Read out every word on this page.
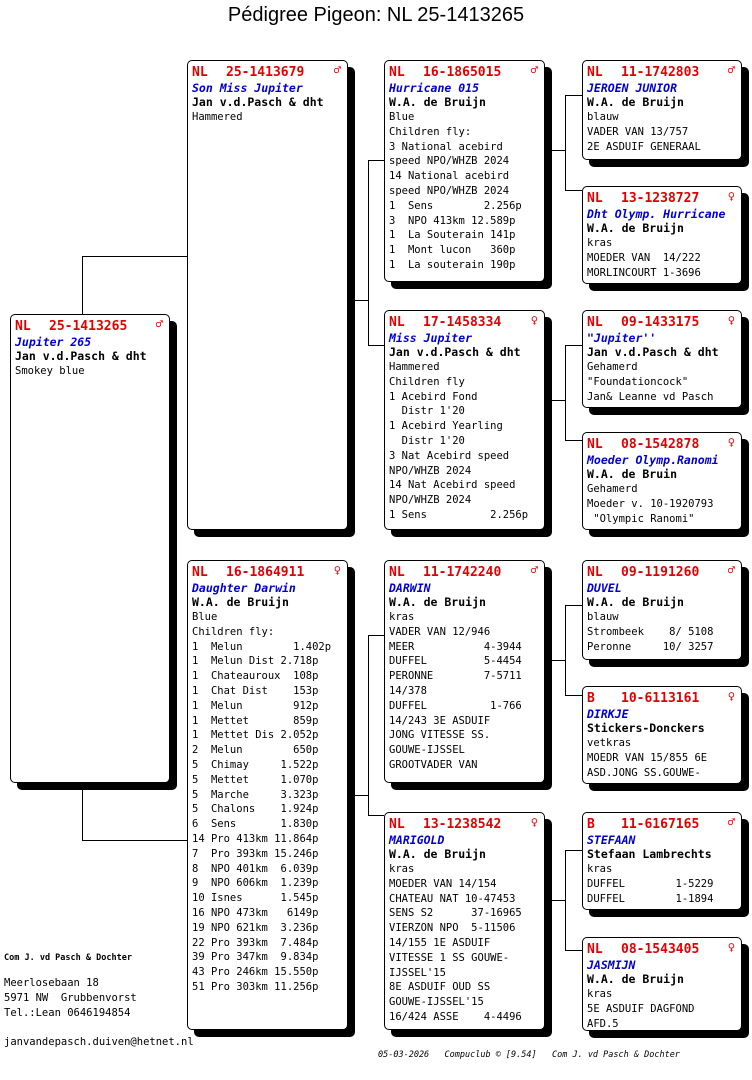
Pédigree Pigeon: NL 25-1413265
NL 25-1413265 ♂
Jupiter 265
Jan v.d.Pasch & dht
Smokey blue
NL 25-1413679 ♂
Son Miss Jupiter
Jan v.d.Pasch & dht
Hammered
NL 16-1864911 ♀
Daughter Darwin
W.A. de Bruijn
Blue
Children fly:
1  Melun        1.402p
1  Melun Dist 2.718p
1  Chateauroux  108p
1  Chat Dist    153p
1  Melun        912p
1  Mettet       859p
1  Mettet Dis 2.052p
2  Melun        650p
5  Chimay     1.522p
5  Mettet     1.070p
5  Marche     3.323p
5  Chalons    1.924p
6  Sens       1.830p
14 Pro 413km 11.864p
7  Pro 393km 15.246p
8  NPO 401km  6.039p
9  NPO 606km  1.239p
10 Isnes      1.545p
16 NPO 473km   6149p
19 NPO 621km  3.236p
22 Pro 393km  7.484p
39 Pro 347km  9.834p
43 Pro 246km 15.550p
51 Pro 303km 11.256p
NL 16-1865015 ♂
Hurricane 015
W.A. de Bruijn
Blue
Children fly:
3 National acebird
speed NPO/WHZB 2024
14 National acebird
speed NPO/WHZB 2024
1  Sens        2.256p
3  NPO 413km 12.589p
1  La Souterain 141p
1  Mont lucon   360p
1  La souterain 190p
NL 17-1458334 ♀
Miss Jupiter
Jan v.d.Pasch & dht
Hammered
Children fly
1 Acebird Fond
Distr 1'20
1 Acebird Yearling
Distr 1'20
3 Nat Acebird speed
NPO/WHZB 2024
14 Nat Acebird speed
NPO/WHZB 2024
1 Sens          2.256p
NL 11-1742240 ♂
DARWIN
W.A. de Bruijn
kras
VADER VAN 12/946
MEER           4-3944
DUFFEL         5-4454
PERONNE        7-5711
14/378
DUFFEL          1-766
14/243 3E ASDUIF
JONG VITESSE SS.
GOUWE-IJSSEL
GROOTVADER VAN
NL 13-1238542 ♀
MARIGOLD
W.A. de Bruijn
kras
MOEDER VAN 14/154
CHATEAU NAT 10-47453
SENS S2      37-16965
VIERZON NPO  5-11506
14/155 1E ASDUIF
VITESSE 1 SS GOUWE-
IJSSEL'15
8E ASDUIF OUD SS
GOUWE-IJSSEL'15
16/424 ASSE    4-4496
NL 11-1742803 ♂
JEROEN JUNIOR
W.A. de Bruijn
blauw
VADER VAN 13/757
2E ASDUIF GENERAAL
NL 13-1238727 ♀
Dht Olymp. Hurricane
W.A. de Bruijn
kras
MOEDER VAN  14/222
MORLINCOURT 1-3696
NL 09-1433175 ♀
"Jupiter''
Jan v.d.Pasch & dht
Gehamerd
"Foundationcock"
Jan& Leanne vd Pasch
NL 08-1542878 ♀
Moeder Olymp.Ranomi
W.A. de Bruin
Gehamerd
Moeder v. 10-1920793
"Olympic Ranomi"
NL 09-1191260 ♂
DUVEL
W.A. de Bruijn
blauw
Strombeek    8/ 5108
Peronne     10/ 3257
B 10-6113161 ♀
DIRKJE
Stickers-Donckers
vetkras
MOEDR VAN 15/855 6E
ASD.JONG SS.GOUWE-
B 11-6167165 ♂
STEFAAN
Stefaan Lambrechts
kras
DUFFEL        1-5229
DUFFEL        1-1894
NL 08-1543405 ♀
JASMIJN
W.A. de Bruijn
kras
5E ASDUIF DAGFOND
AFD.5
Com J. vd Pasch & Dochter
Meerlosebaan 18
5971 NW  Grubbenvorst
Tel.:Lean 0646194854
janvandepasch.duiven@hetnet.nl
05-03-2026   Compuclub © [9.54]   Com J. vd Pasch & Dochter
